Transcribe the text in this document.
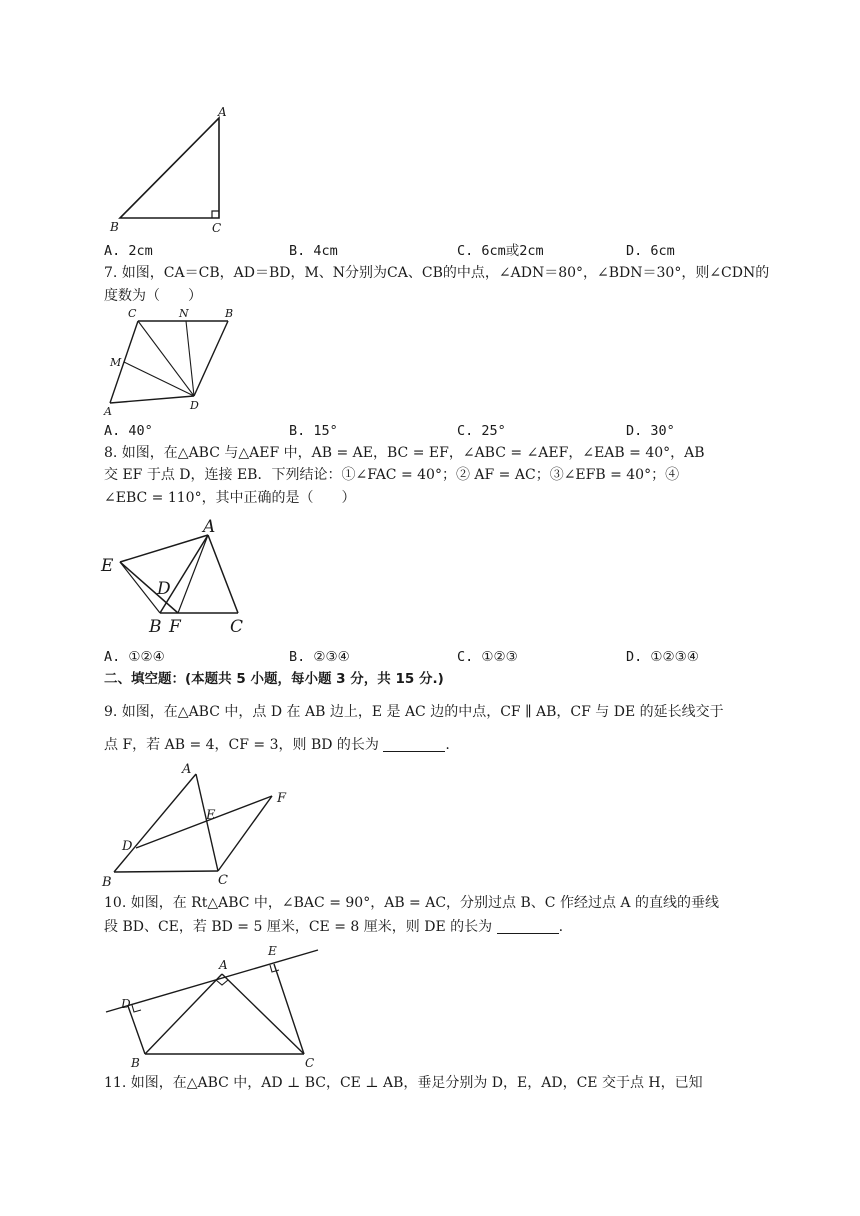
A
B	C
A. 2cm	B. 4cm	C. 6cm或2cm	D. 6cm
7. 如图，CA＝CB，AD＝BD，M、N分别为CA、CB的中点，∠ADN＝80°，∠BDN＝30°，则∠CDN的
度数为（　　）
C	N	B
M
A	D
A. 40°	B. 15°	C. 25°	D. 30°
8. 如图，在△ABC 与△AEF 中，AB = AE，BC = EF，∠ABC = ∠AEF，∠EAB = 40°，AB
交 EF 于点 D，连接 EB．下列结论：①∠FAC = 40°；② AF = AC；③∠EFB = 40°；④
∠EBC = 110°，其中正确的是（　　）
A
E
D
B F	C
A. ①②④	B. ②③④	C. ①②③	D. ①②③④
二、填空题：(本题共 5 小题，每小题 3 分，共 15 分.)
9. 如图，在△ABC 中，点 D 在 AB 边上，E 是 AC 边的中点，CF ∥ AB，CF 与 DE 的延长线交于
点 F，若 AB = 4，CF = 3，则 BD 的长为	.
A
E
F
D
B	C
10. 如图，在 Rt△ABC 中，∠BAC = 90°，AB = AC，分别过点 B、C 作经过点 A 的直线的垂线
段 BD、CE，若 BD = 5 厘米，CE = 8 厘米，则 DE 的长为	.
A
E
D
B	C
11. 如图，在△ABC 中，AD ⊥ BC，CE ⊥ AB，垂足分别为 D，E，AD，CE 交于点 H，已知
